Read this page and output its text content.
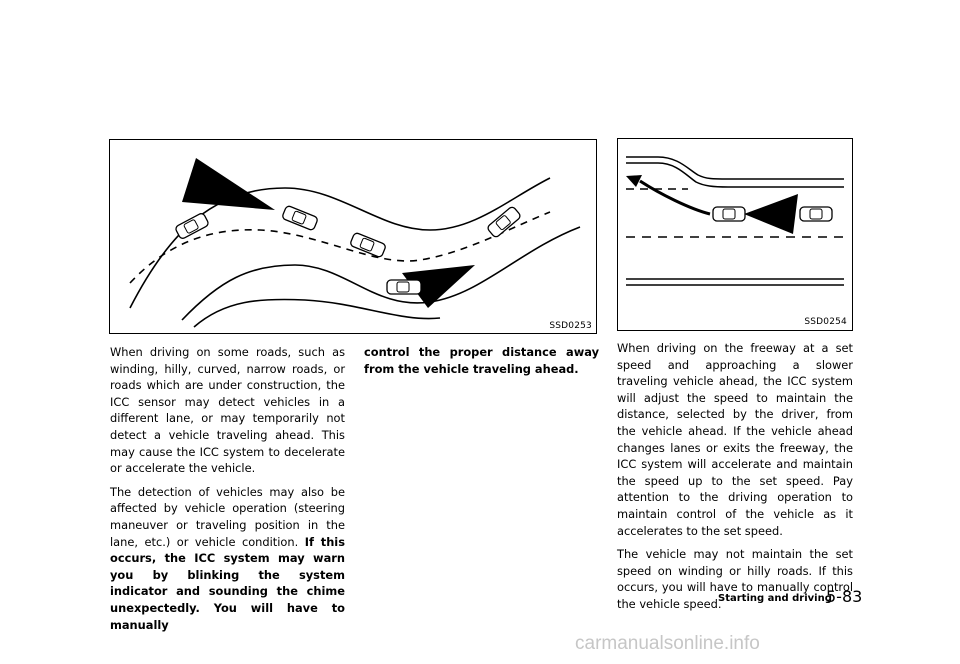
SSD0253	SSD0254

When driving on some roads, such as winding, hilly, curved, narrow roads, or roads which are under construction, the ICC sensor may detect vehicles in a different lane, or may temporarily not detect a vehicle traveling ahead. This may cause the ICC system to decelerate or accelerate the vehicle.

The detection of vehicles may also be affected by vehicle operation (steering maneuver or traveling position in the lane, etc.) or vehicle condition. If this occurs, the ICC system may warn you by blinking the system indicator and sounding the chime unexpectedly. You will have to manually

control the proper distance away from the vehicle traveling ahead.

When driving on the freeway at a set speed and approaching a slower traveling vehicle ahead, the ICC system will adjust the speed to maintain the distance, selected by the driver, from the vehicle ahead. If the vehicle ahead changes lanes or exits the freeway, the ICC system will accelerate and maintain the speed up to the set speed. Pay attention to the driving operation to maintain control of the vehicle as it accelerates to the set speed.

The vehicle may not maintain the set speed on winding or hilly roads. If this occurs, you will have to manually control the vehicle speed.

Starting and driving
5-83
carmanualsonline.info
